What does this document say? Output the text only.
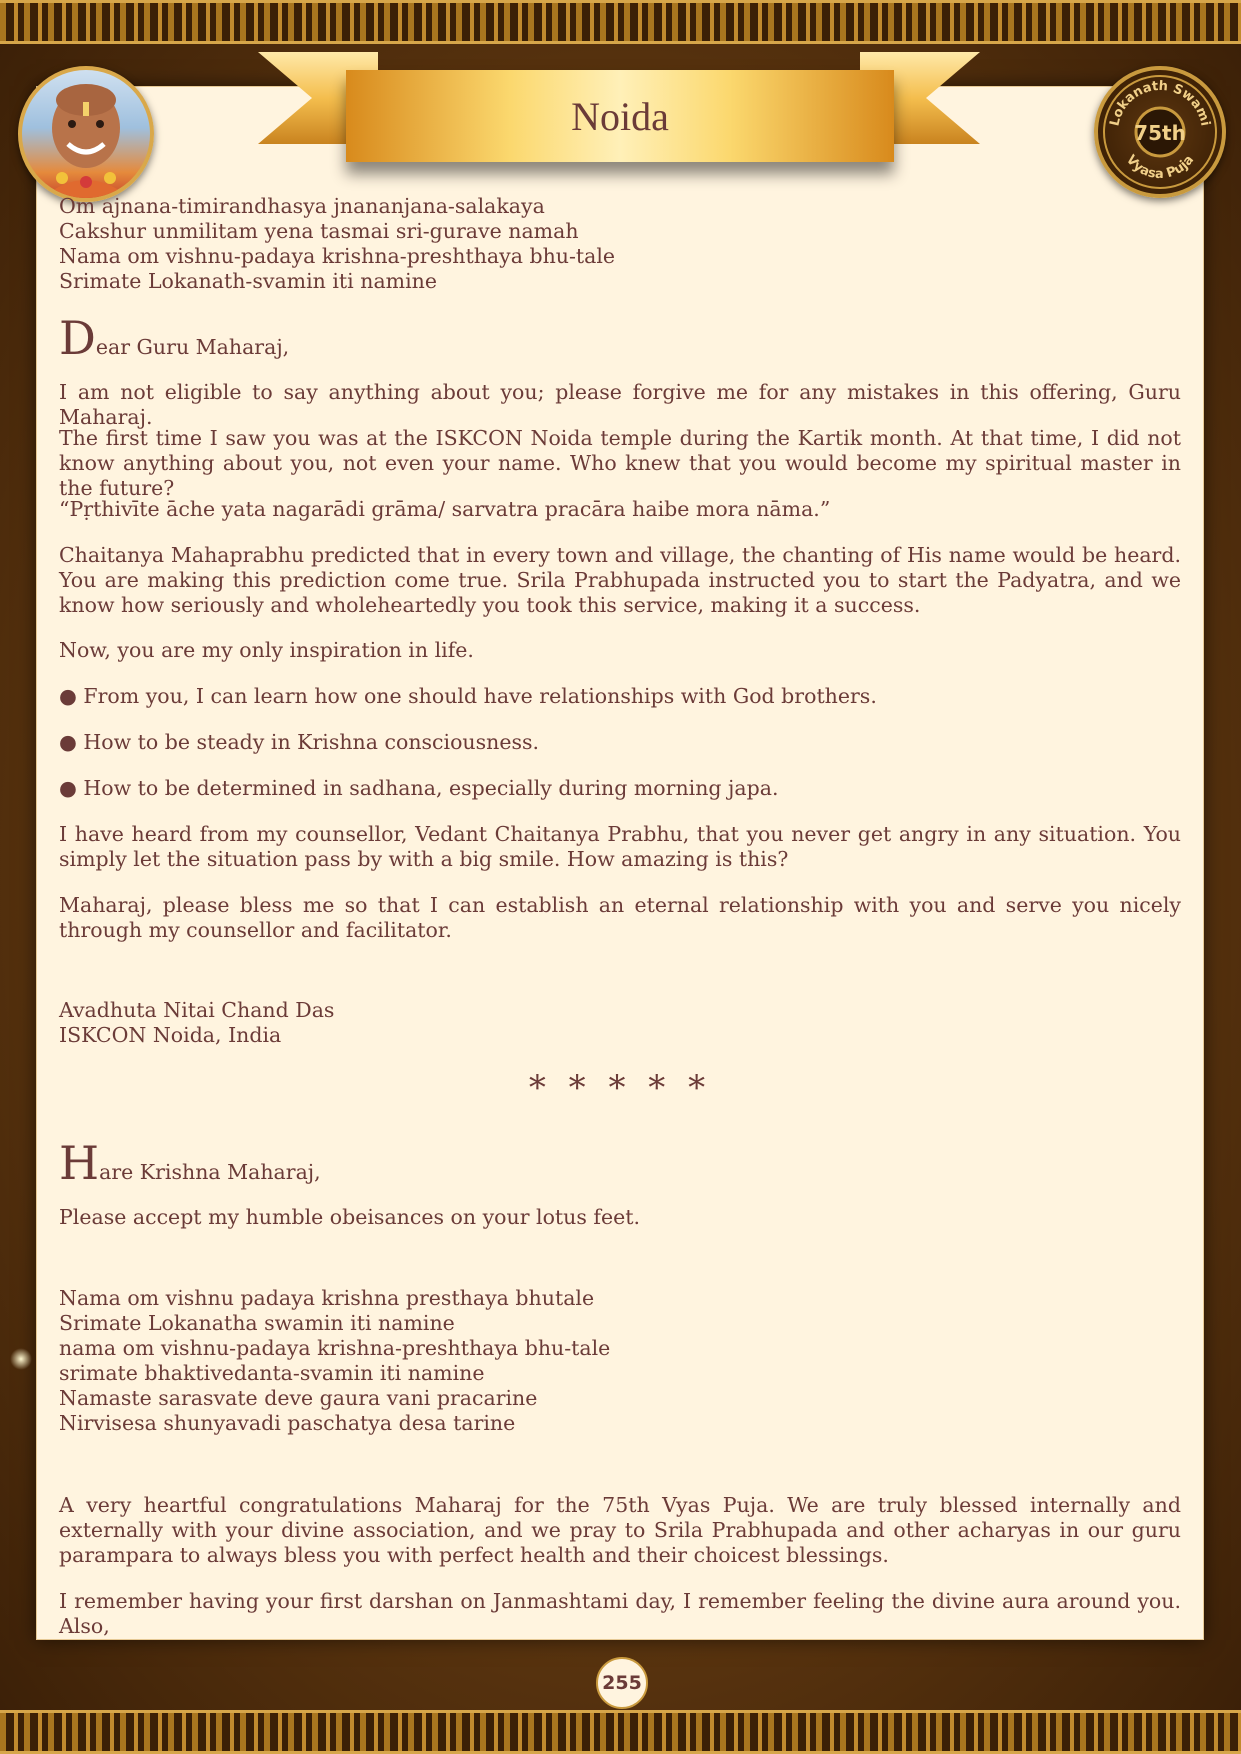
Noida	Lokanath Swami
75th
Vyasa Puja
Om ajnana-timirandhasya jnananjana-salakaya
Cakshur unmilitam yena tasmai sri-gurave namah
Nama om vishnu-padaya krishna-preshthaya bhu-tale
Srimate Lokanath-svamin iti namine
Dear Guru Maharaj,

I am not eligible to say anything about you; please forgive me for any mistakes in this offering, Guru Maharaj.

The first time I saw you was at the ISKCON Noida temple during the Kartik month. At that time, I did not know anything about you, not even your name. Who knew that you would become my spiritual master in the future?

“Pṛthivīte āche yata nagarādi grāma/ sarvatra pracāra haibe mora nāma.”

Chaitanya Mahaprabhu predicted that in every town and village, the chanting of His name would be heard. You are making this prediction come true. Srila Prabhupada instructed you to start the Padyatra, and we know how seriously and wholeheartedly you took this service, making it a success.

Now, you are my only inspiration in life.

● From you, I can learn how one should have relationships with God brothers.

● How to be steady in Krishna consciousness.

● How to be determined in sadhana, especially during morning japa.

I have heard from my counsellor, Vedant Chaitanya Prabhu, that you never get angry in any situation. You simply let the situation pass by with a big smile. How amazing is this?

Maharaj, please bless me so that I can establish an eternal relationship with you and serve you nicely through my counsellor and facilitator.

Avadhuta Nitai Chand Das
ISKCON Noida, India
* * * * *
Hare Krishna Maharaj,

Please accept my humble obeisances on your lotus feet.

Nama om vishnu padaya krishna presthaya bhutale
Srimate Lokanatha swamin iti namine
nama om vishnu-padaya krishna-preshthaya bhu-tale
srimate bhaktivedanta-svamin iti namine
Namaste sarasvate deve gaura vani pracarine
Nirvisesa shunyavadi paschatya desa tarine

A very heartful congratulations Maharaj for the 75th Vyas Puja. We are truly blessed internally and externally with your divine association, and we pray to Srila Prabhupada and other acharyas in our guru parampara to always bless you with perfect health and their choicest blessings.

I remember having your first darshan on Janmashtami day, I remember feeling the divine aura around you. Also,

255
